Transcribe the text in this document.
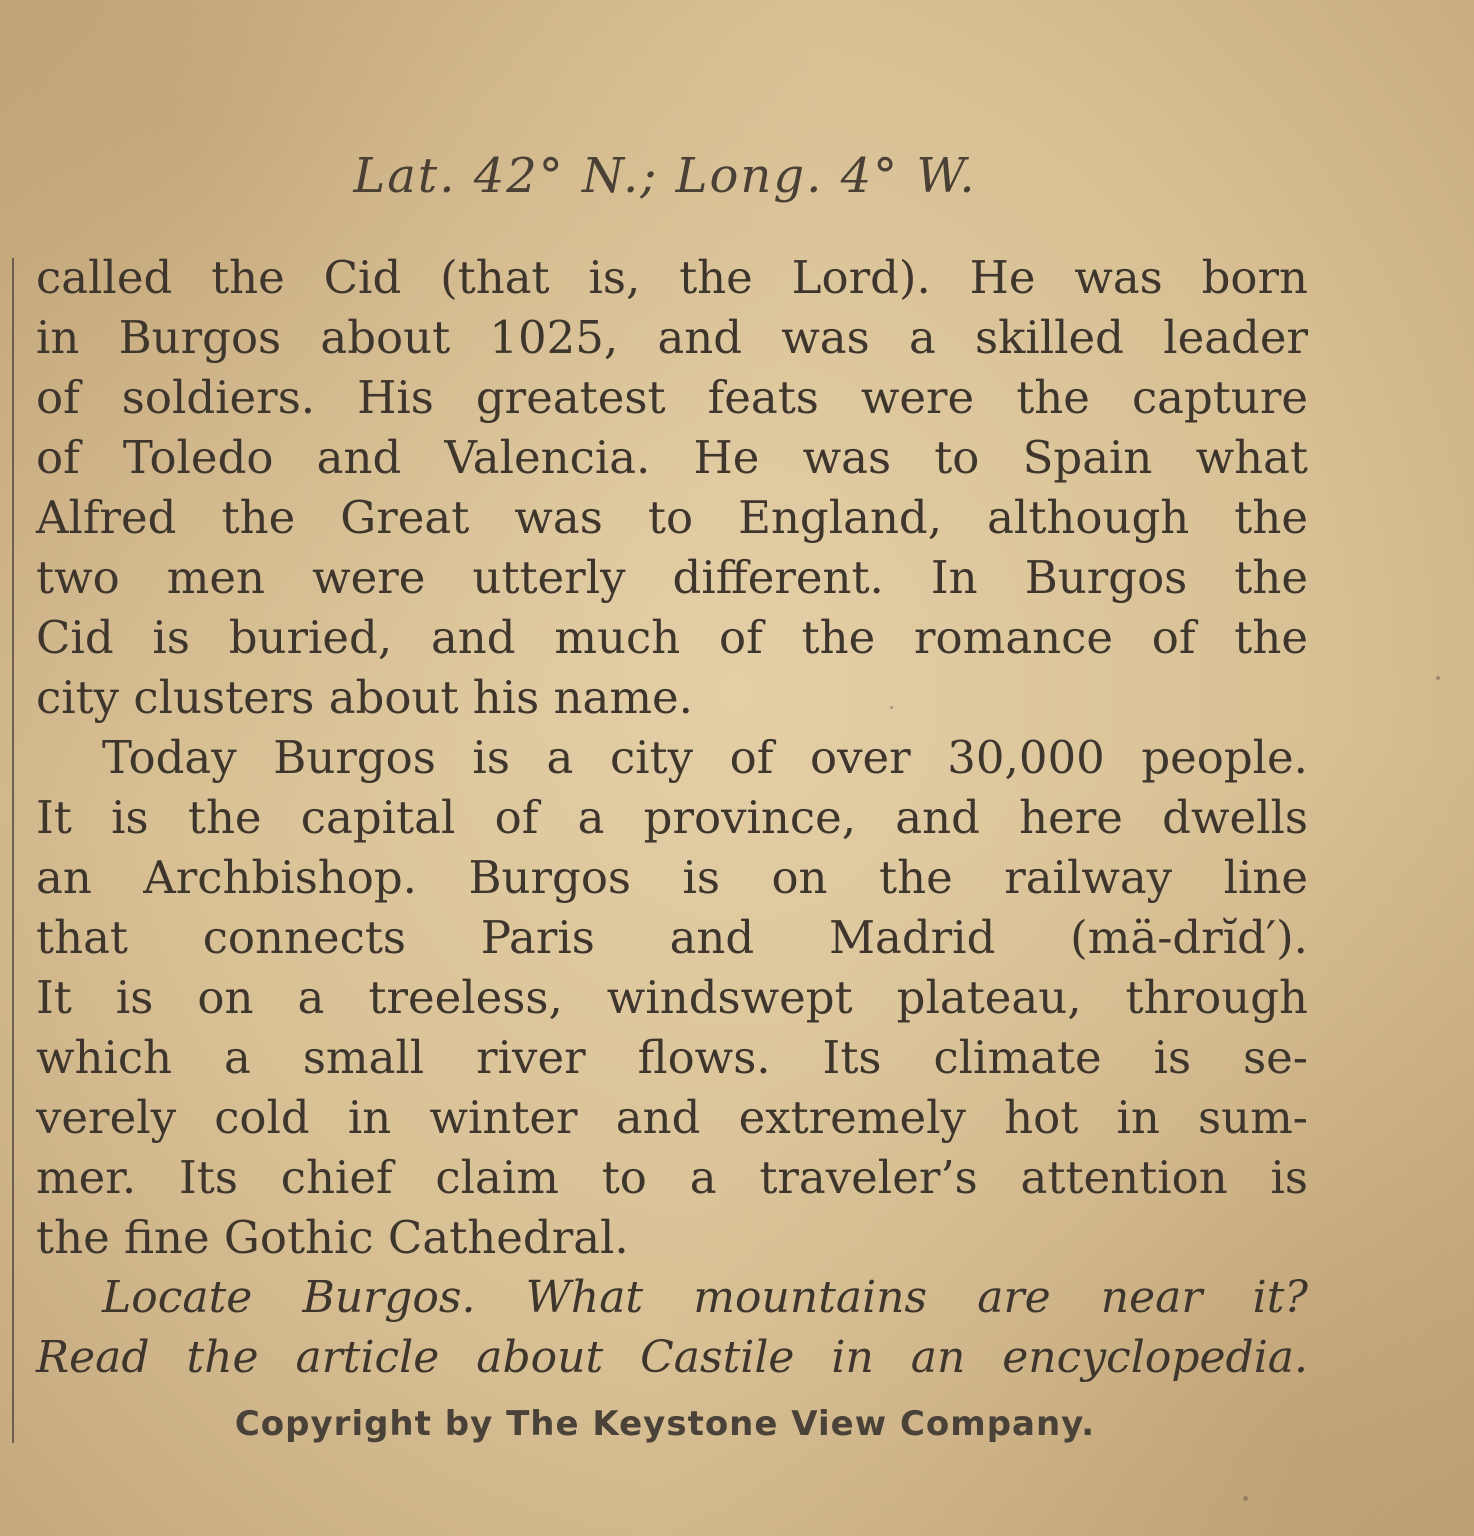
Lat. 42° N.; Long. 4° W.
called the Cid (that is, the Lord). He was born
in Burgos about 1025, and was a skilled leader
of soldiers. His greatest feats were the capture
of Toledo and Valencia. He was to Spain what
Alfred the Great was to England, although the
two men were utterly different. In Burgos the
Cid is buried, and much of the romance of the
city clusters about his name.
Today Burgos is a city of over 30,000 people.
It is the capital of a province, and here dwells
an Archbishop. Burgos is on the railway line
that connects Paris and Madrid (mä-drĭd′).
It is on a treeless, windswept plateau, through
which a small river flows. Its climate is se-
verely cold in winter and extremely hot in sum-
mer. Its chief claim to a traveler’s attention is
the fine Gothic Cathedral.
Locate Burgos. What mountains are near it?
Read the article about Castile in an encyclopedia.
Copyright by The Keystone View Company.
